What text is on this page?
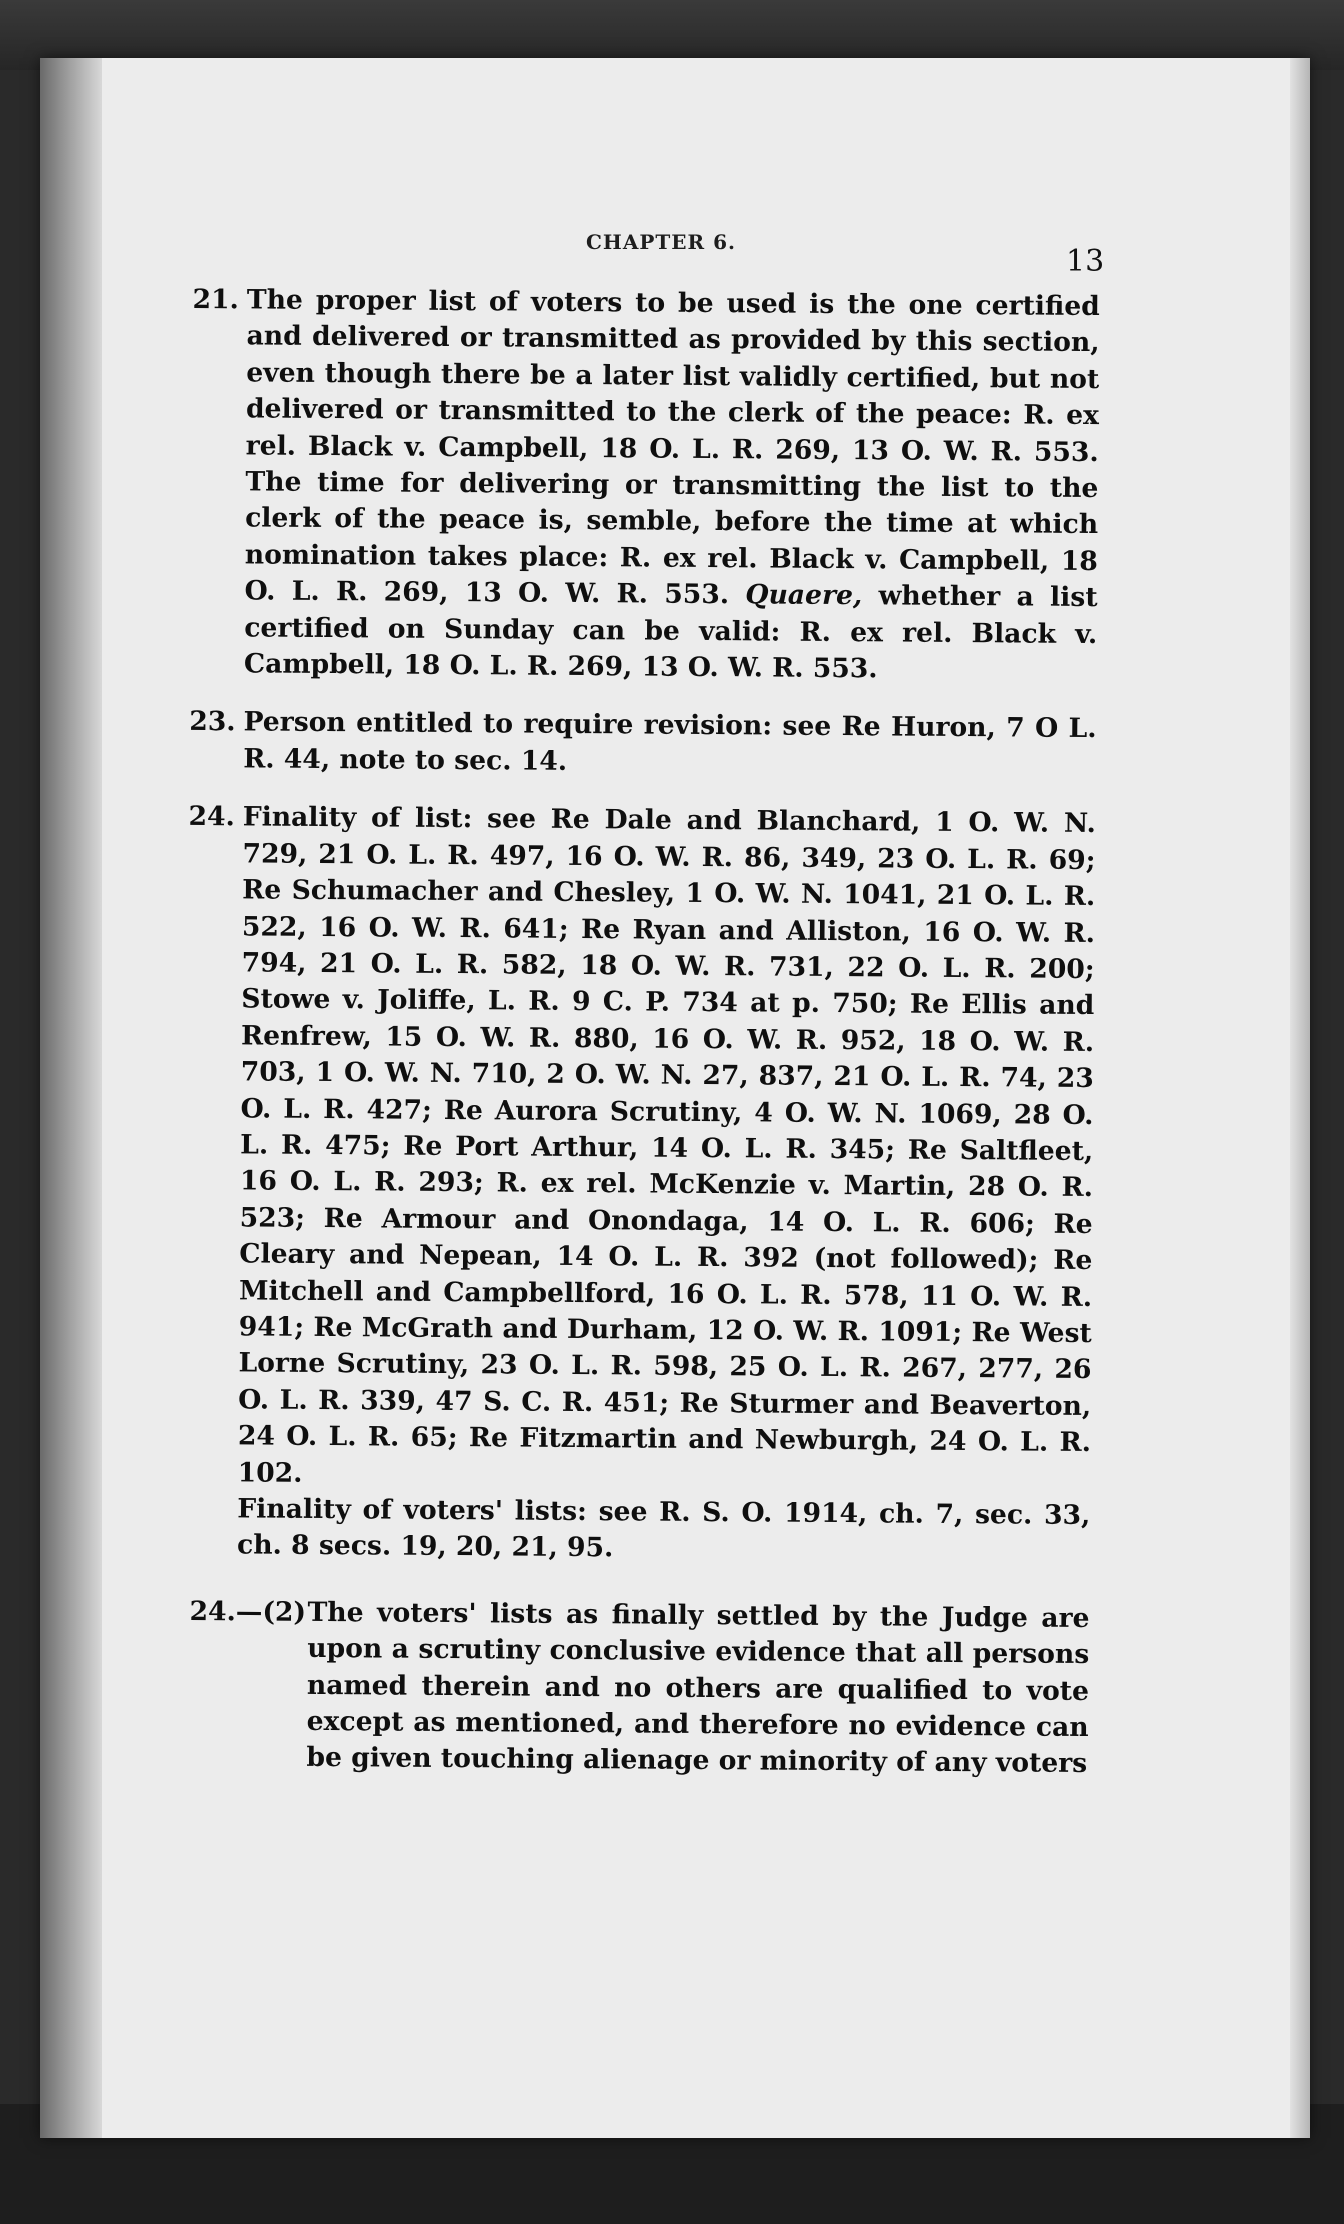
CHAPTER 6.
13

21. The proper list of voters to be used is the one certified and delivered or transmitted as provided by this section, even though there be a later list validly certified, but not delivered or transmitted to the clerk of the peace: R. ex rel. Black v. Campbell, 18 O. L. R. 269, 13 O. W. R. 553. The time for delivering or transmitting the list to the clerk of the peace is, semble, before the time at which nomination takes place: R. ex rel. Black v. Campbell, 18 O. L. R. 269, 13 O. W. R. 553. Quaere, whether a list certified on Sunday can be valid: R. ex rel. Black v. Campbell, 18 O. L. R. 269, 13 O. W. R. 553.

23. Person entitled to require revision: see Re Huron, 7 O L. R. 44, note to sec. 14.

24. Finality of list: see Re Dale and Blanchard, 1 O. W. N. 729, 21 O. L. R. 497, 16 O. W. R. 86, 349, 23 O. L. R. 69; Re Schumacher and Chesley, 1 O. W. N. 1041, 21 O. L. R. 522, 16 O. W. R. 641; Re Ryan and Alliston, 16 O. W. R. 794, 21 O. L. R. 582, 18 O. W. R. 731, 22 O. L. R. 200; Stowe v. Joliffe, L. R. 9 C. P. 734 at p. 750; Re Ellis and Renfrew, 15 O. W. R. 880, 16 O. W. R. 952, 18 O. W. R. 703, 1 O. W. N. 710, 2 O. W. N. 27, 837, 21 O. L. R. 74, 23 O. L. R. 427; Re Aurora Scrutiny, 4 O. W. N. 1069, 28 O. L. R. 475; Re Port Arthur, 14 O. L. R. 345; Re Saltfleet, 16 O. L. R. 293; R. ex rel. McKenzie v. Martin, 28 O. R. 523; Re Armour and Onondaga, 14 O. L. R. 606; Re Cleary and Nepean, 14 O. L. R. 392 (not followed); Re Mitchell and Campbellford, 16 O. L. R. 578, 11 O. W. R. 941; Re McGrath and Durham, 12 O. W. R. 1091; Re West Lorne Scrutiny, 23 O. L. R. 598, 25 O. L. R. 267, 277, 26 O. L. R. 339, 47 S. C. R. 451; Re Sturmer and Beaverton, 24 O. L. R. 65; Re Fitzmartin and Newburgh, 24 O. L. R. 102.
Finality of voters' lists: see R. S. O. 1914, ch. 7, sec. 33, ch. 8 secs. 19, 20, 21, 95.

24.—(2) The voters' lists as finally settled by the Judge are upon a scrutiny conclusive evidence that all persons named therein and no others are qualified to vote except as mentioned, and therefore no evidence can be given touching alienage or minority of any voters
